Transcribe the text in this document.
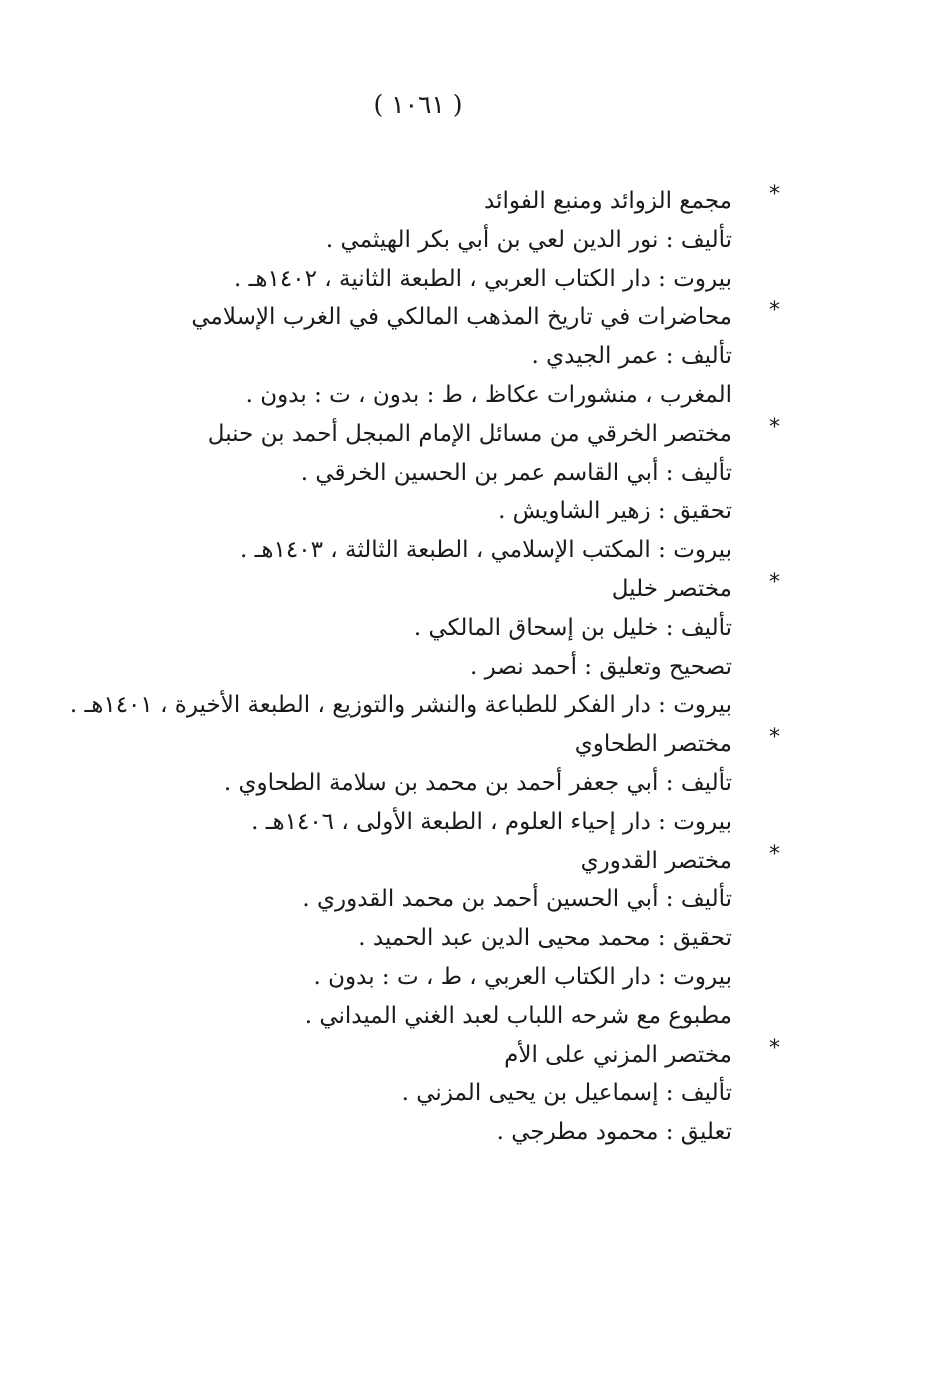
( ١٠٦١ )
*
مجمع الزوائد ومنبع الفوائد
تأليف : نور الدين لعي بن أبي بكر الهيثمي .
بيروت : دار الكتاب العربي ، الطبعة الثانية ، ١٤٠٢هـ .
*
محاضرات في تاريخ المذهب المالكي في الغرب الإسلامي
تأليف : عمر الجيدي .
المغرب ، منشورات عكاظ ، ط : بدون ، ت : بدون .
*
مختصر الخرقي من مسائل الإمام المبجل أحمد بن حنبل
تأليف : أبي القاسم عمر بن الحسين الخرقي .
تحقيق : زهير الشاويش .
بيروت : المكتب الإسلامي ، الطبعة الثالثة ، ١٤٠٣هـ .
*
مختصر خليل
تأليف : خليل بن إسحاق المالكي .
تصحيح وتعليق : أحمد نصر .
بيروت : دار الفكر للطباعة والنشر والتوزيع ، الطبعة الأخيرة ، ١٤٠١هـ .
*
مختصر الطحاوي
تأليف : أبي جعفر أحمد بن محمد بن سلامة الطحاوي .
بيروت : دار إحياء العلوم ، الطبعة الأولى ، ١٤٠٦هـ .
*
مختصر القدوري
تأليف : أبي الحسين أحمد بن محمد القدوري .
تحقيق : محمد محيى الدين عبد الحميد .
بيروت : دار الكتاب العربي ، ط ، ت : بدون .
مطبوع مع شرحه اللباب لعبد الغني الميداني .
*
مختصر المزني على الأم
تأليف : إسماعيل بن يحيى المزني .
تعليق : محمود مطرجي .
